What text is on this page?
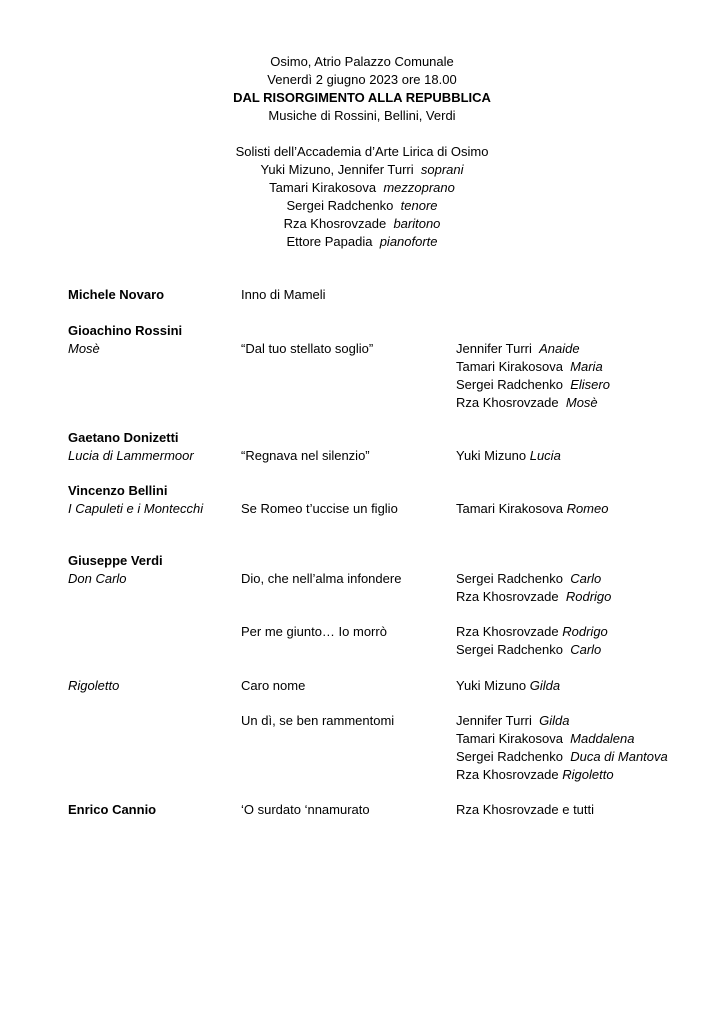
Osimo, Atrio Palazzo Comunale
Venerdì 2 giugno 2023 ore 18.00
DAL RISORGIMENTO ALLA REPUBBLICA
Musiche di Rossini, Bellini, Verdi
Solisti dell’Accademia d’Arte Lirica di Osimo
Yuki Mizuno, Jennifer Turri soprani
Tamari Kirakosova mezzoprano
Sergei Radchenko tenore
Rza Khosrovzade baritono
Ettore Papadia pianoforte
Michele Novaro	Inno di Mameli
Gioachino Rossini
Mosè	“Dal tuo stellato soglio”	Jennifer Turri Anaide
Tamari Kirakosova Maria
Sergei Radchenko Elisero
Rza Khosrovzade Mosè
Gaetano Donizetti
Lucia di Lammermoor	“Regnava nel silenzio”	Yuki Mizuno Lucia
Vincenzo Bellini
I Capuleti e i Montecchi	Se Romeo t’uccise un figlio	Tamari Kirakosova Romeo
Giuseppe Verdi
Don Carlo	Dio, che nell’alma infondere	Sergei Radchenko Carlo
Rza Khosrovzade Rodrigo
Per me giunto… Io morrò	Rza Khosrovzade Rodrigo
Sergei Radchenko Carlo
Rigoletto	Caro nome	Yuki Mizuno Gilda
Un dì, se ben rammentomi	Jennifer Turri Gilda
Tamari Kirakosova Maddalena
Sergei Radchenko Duca di Mantova
Rza Khosrovzade Rigoletto
Enrico Cannio	‘O surdato ‘nnamurato	Rza Khosrovzade e tutti
